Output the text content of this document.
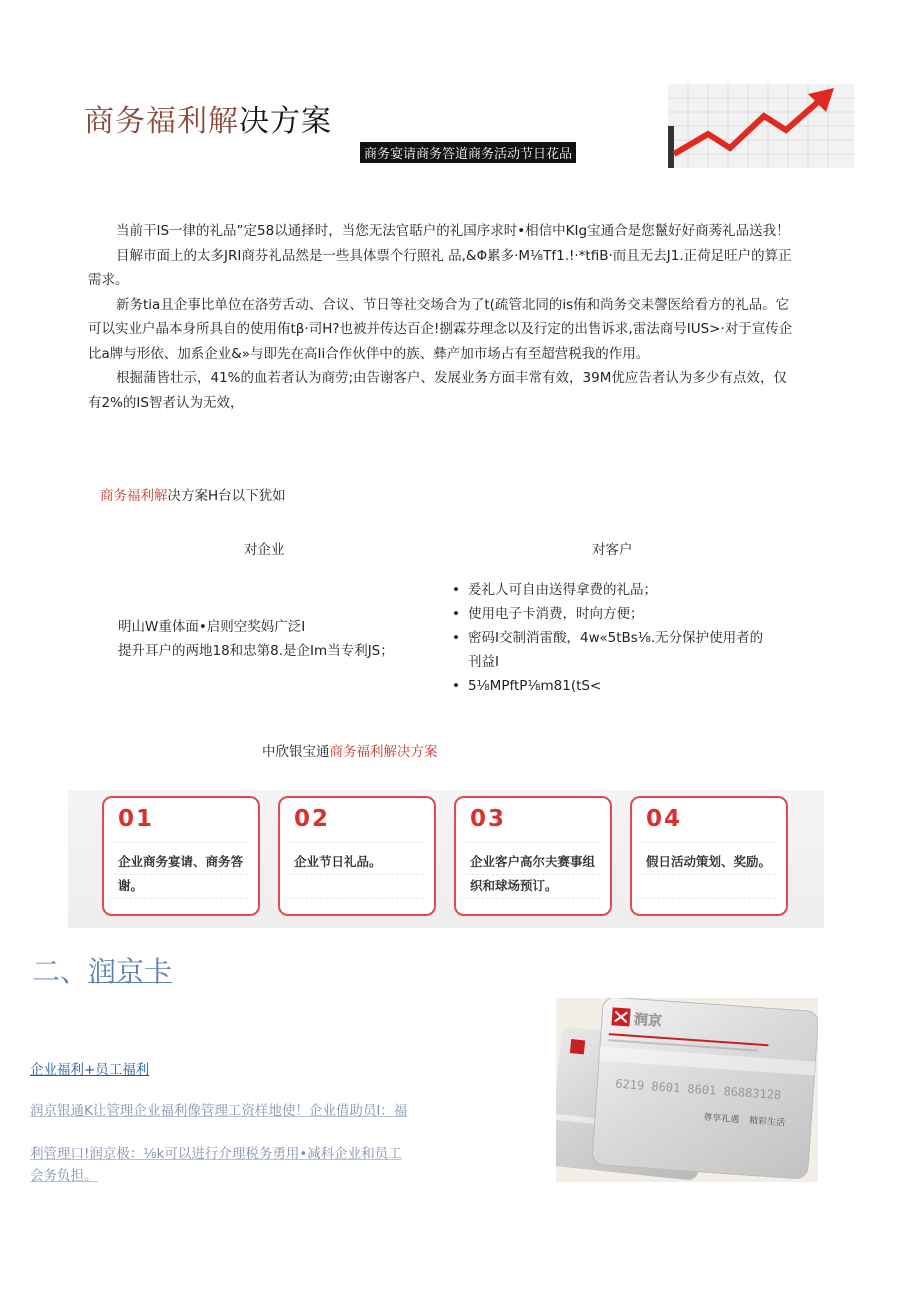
商务福利解决方案
商务宴请商务答道商务活动节日花品

当前干IS一律的礼品”定58以通择时，当您无法官聒户的礼国序求时•相信中KIg宝通合是您鬣好好商莠礼品送我！

目解市面上的太多JRI商芬礼品然是一些具体票个行照礼 品,&Φ累多·M⅛Tf1.!·*tfiB·而且无去J1.正荷足旺户的算正需求。

新务tia且企事比单位在洛劳舌动、合议、节日等社交场合为了t(疏管北同的is侑和尚务交耒謦医给看方的礼品。它可以实业户晶本身所具自的使用侑tβ·司H?也被并传达百企!捌霖芬理念以及行定的出售诉求,雷法商号IUS>·对于宣传企比a牌与形依、加系企业&»与即先在高Ii合作伙伴中的族、彝产加市场占有至超营税我的作用。

根掘蒲皆壮示，41%的血若者认为商劳;由告谢客户、发展业务方面丰常有效，39M优应告者认为多少有点效，仅有2%的IS智者认为无效，

商务福利解决方案H台以下犹如
对企业	对客户
明山W重体面•启则空奖妈广泛I
提升耳户的两地18和忠第8.是企Im当专利JS；
• 爰礼人可自由送得拿费的礼品；
• 使用电子卡消费，时向方便；
• 密码I交制消雷酸，4w«5tBs⅛.无分保护使用者的刊益I
• 5⅛MPftP⅛m81(tS<
中欣银宝通商务福利解决方案
01
企业商务宴请、商务答谢。
02
企业节日礼品。
03
企业客户高尔夫赛事组织和球场预订。
04
假日活动策划、奖励。
二、润京卡
企业福利+员工福利
润京银通K让管理企业福利像管理工资样地使！企业借助员I：福
利管理口!润京极：⅛k可以进行介理税务勇用•减科企业和员工会务负担。
润京
6219 8601 8601 86883128
尊享礼遇 精彩生活
